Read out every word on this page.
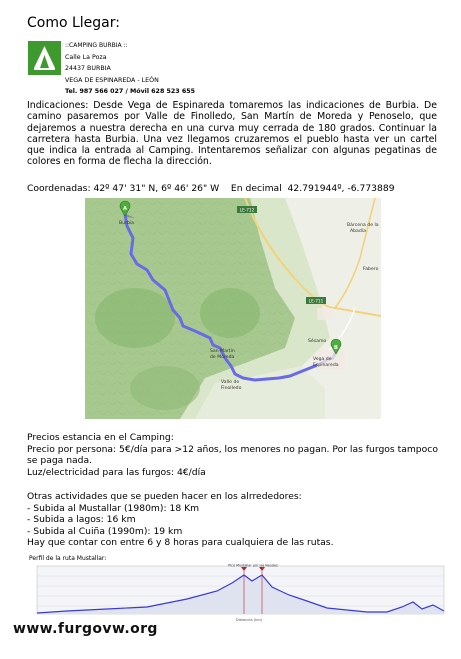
Como Llegar:
::CAMPING BURBIA ::
Calle La Poza
24437 BURBIA
VEGA DE ESPINAREDA - LEÓN
Tel. 987 566 027 / Móvil 628 523 655

Indicaciones: Desde Vega de Espinareda tomaremos las indicaciones de Burbia. De camino pasaremos por Valle de Finolledo, San Martín de Moreda y Penoselo, que dejaremos a nuestra derecha en una curva muy cerrada de 180 grados. Continuar la carretera hasta Burbia. Una vez llegamos cruzaremos el pueblo hasta ver un cartel que indica la entrada al Camping. Intentaremos señalizar con algunas pegatinas de colores en forma de flecha la dirección.

Coordenadas: 42º 47' 31" N, 6º 46' 26" W    En decimal  42.791944º, -6.773889
LE-712
LE-711
Burbia
San Martín
de Moreda
Valle de
Finolledo
Vega de
Espinareda
Sésamo
Bárcena de la
Abadía
Fabero
A
B
Precios estancia en el Camping:
Precio por persona: 5€/día para >12 años, los menores no pagan. Por las furgos tampoco se paga nada.
Luz/electricidad para las furgos: 4€/día
Otras actividades que se pueden hacer en los alrrededores:
- Subida al Mustallar (1980m): 18 Km
- Subida a lagos: 16 km
- Subida al Cuiña (1990m): 19 km
Hay que contar con entre 6 y 8 horas para cualquiera de las rutas.
Perfil de la ruta Mustallar:
Pico Mustallar por las Reodas
Distancia (km)
www.furgovw.org
